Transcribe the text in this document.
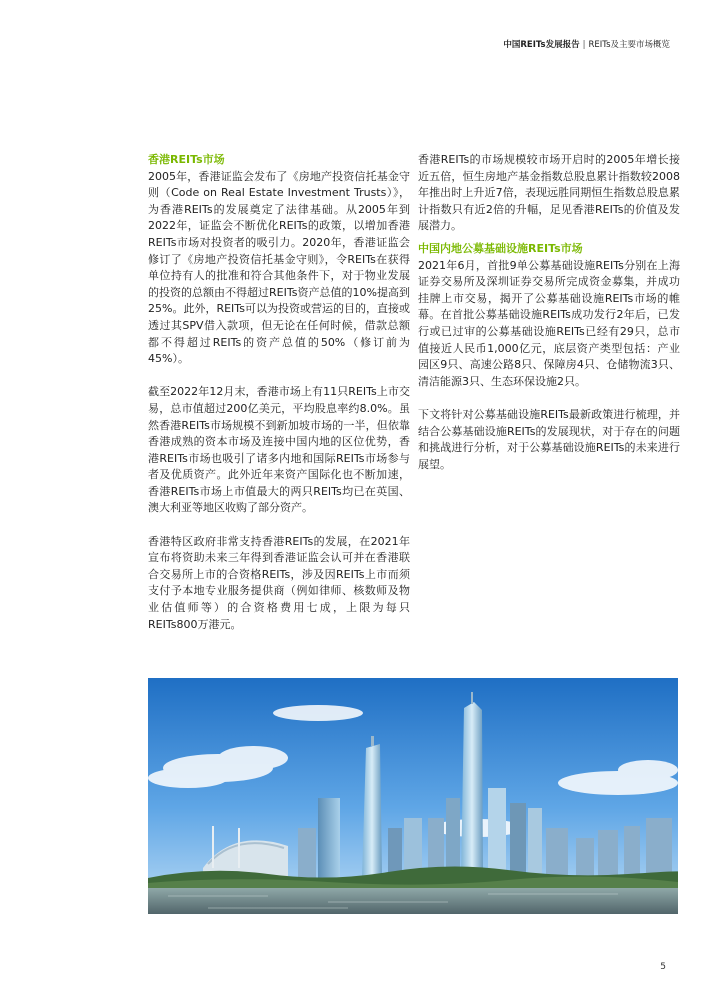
中国REITs发展报告 | REITs及主要市场概览
香港REITs市场

2005年，香港证监会发布了《房地产投资信托基金守则（Code on Real Estate Investment Trusts）》，为香港REITs的发展奠定了法律基础。从2005年到2022年，证监会不断优化REITs的政策，以增加香港REITs市场对投资者的吸引力。2020年，香港证监会修订了《房地产投资信托基金守则》，令REITs在获得单位持有人的批准和符合其他条件下，对于物业发展的投资的总额由不得超过REITs资产总值的10%提高到25%。此外，REITs可以为投资或营运的目的，直接或透过其SPV借入款项，但无论在任何时候，借款总额都不得超过REITs的资产总值的50%（修订前为45%）。

截至2022年12月末，香港市场上有11只REITs上市交易，总市值超过200亿美元，平均股息率约8.0%。虽然香港REITs市场规模不到新加坡市场的一半，但依靠香港成熟的资本市场及连接中国内地的区位优势，香港REITs市场也吸引了诸多内地和国际REITs市场参与者及优质资产。此外近年来资产国际化也不断加速，香港REITs市场上市值最大的两只REITs均已在英国、澳大利亚等地区收购了部分资产。

香港特区政府非常支持香港REITs的发展，在2021年宣布将资助未来三年得到香港证监会认可并在香港联合交易所上市的合资格REITs，涉及因REITs上市而须支付予本地专业服务提供商（例如律师、核数师及物业估值师等）的合资格费用七成，上限为每只REITs800万港元。

香港REITs的市场规模较市场开启时的2005年增长接近五倍，恒生房地产基金指数总股息累计指数较2008年推出时上升近7倍，表现远胜同期恒生指数总股息累计指数只有近2倍的升幅，足见香港REITs的价值及发展潜力。

中国内地公募基础设施REITs市场

2021年6月，首批9单公募基础设施REITs分别在上海证券交易所及深圳证券交易所完成资金募集，并成功挂牌上市交易，揭开了公募基础设施REITs市场的帷幕。在首批公募基础设施REITs成功发行2年后，已发行或已过审的公募基础设施REITs已经有29只，总市值接近人民币1,000亿元，底层资产类型包括：产业园区9只、高速公路8只、保障房4只、仓储物流3只、清洁能源3只、生态环保设施2只。

下文将针对公募基础设施REITs最新政策进行梳理，并结合公募基础设施REITs的发展现状，对于存在的问题和挑战进行分析，对于公募基础设施REITs的未来进行展望。

5
